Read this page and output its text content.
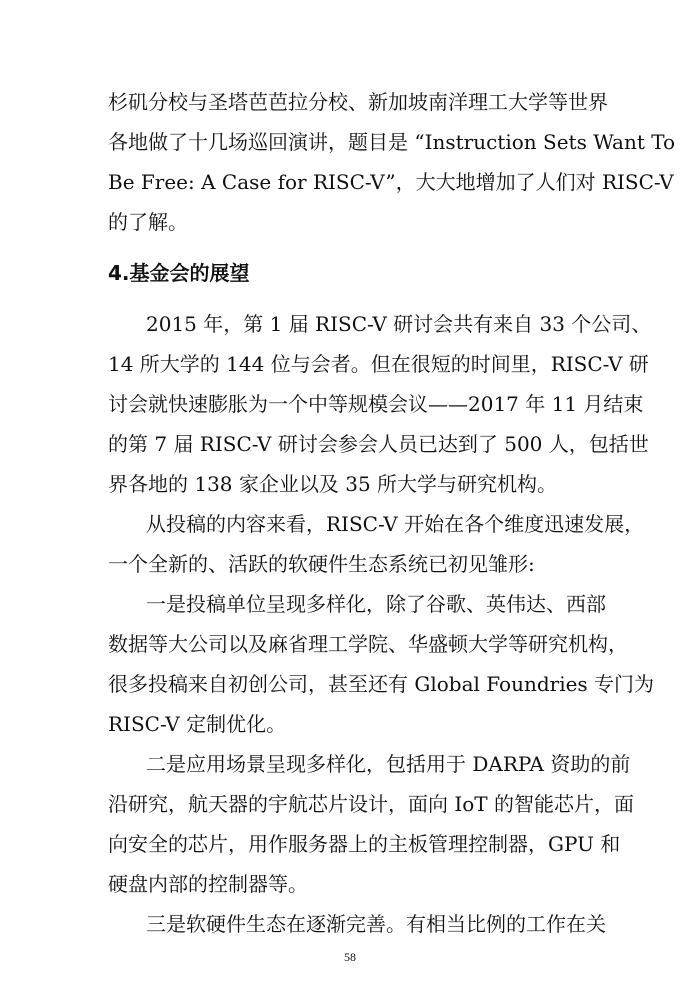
杉矶分校与圣塔芭芭拉分校、新加坡南洋理工大学等世界
各地做了十几场巡回演讲，题目是 “Instruction Sets Want To
Be Free: A Case for RISC-V”，大大地增加了人们对 RISC-V
的了解。
4.基金会的展望
2015 年，第 1 届 RISC-V 研讨会共有来自 33 个公司、
14 所大学的 144 位与会者。但在很短的时间里，RISC-V 研
讨会就快速膨胀为一个中等规模会议——2017 年 11 月结束
的第 7 届 RISC-V 研讨会参会人员已达到了 500 人，包括世
界各地的 138 家企业以及 35 所大学与研究机构。
从投稿的内容来看，RISC-V 开始在各个维度迅速发展，
一个全新的、活跃的软硬件生态系统已初见雏形:
一是投稿单位呈现多样化，除了谷歌、英伟达、西部
数据等大公司以及麻省理工学院、华盛顿大学等研究机构，
很多投稿来自初创公司，甚至还有 Global Foundries 专门为
RISC-V 定制优化。
二是应用场景呈现多样化，包括用于 DARPA 资助的前
沿研究，航天器的宇航芯片设计，面向 IoT 的智能芯片，面
向安全的芯片，用作服务器上的主板管理控制器，GPU 和
硬盘内部的控制器等。
三是软硬件生态在逐渐完善。有相当比例的工作在关
58
